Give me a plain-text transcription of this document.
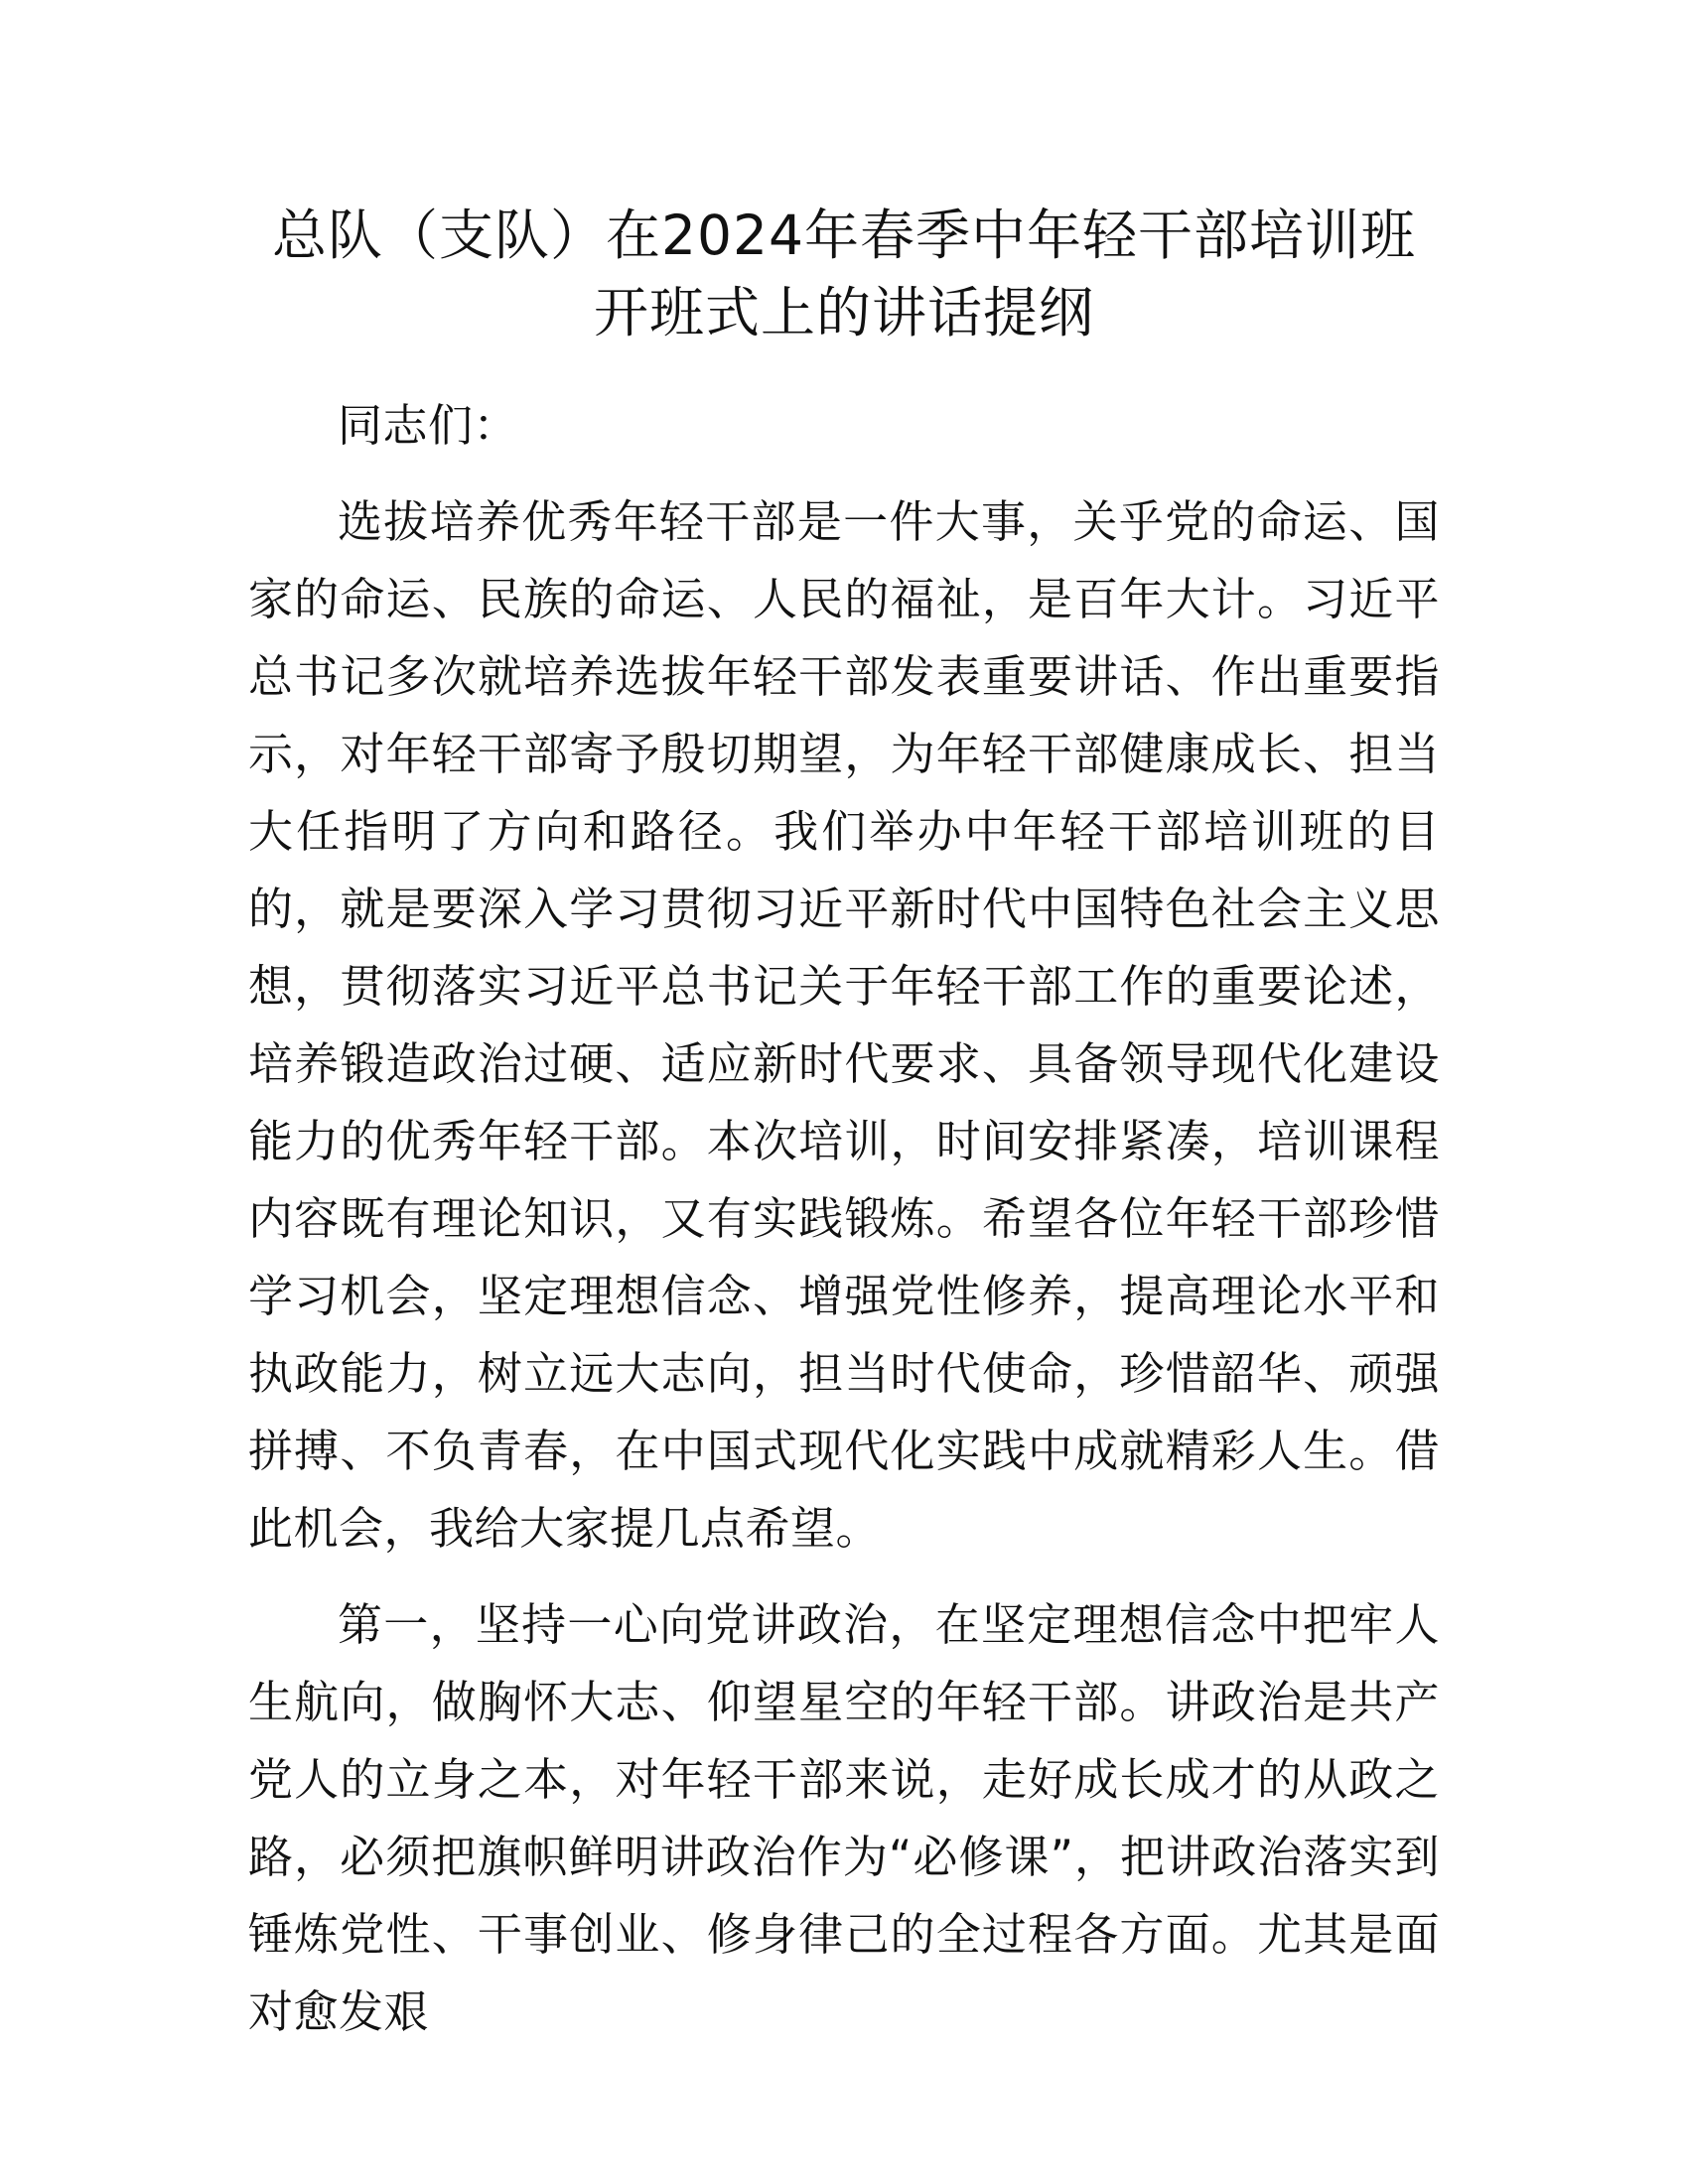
总队（支队）在2024年春季中年轻干部培训班
开班式上的讲话提纲

同志们：

选拔培养优秀年轻干部是一件大事，关乎党的命运、国家的命运、民族的命运、人民的福祉，是百年大计。习近平总书记多次就培养选拔年轻干部发表重要讲话、作出重要指示，对年轻干部寄予殷切期望，为年轻干部健康成长、担当大任指明了方向和路径。我们举办中年轻干部培训班的目的，就是要深入学习贯彻习近平新时代中国特色社会主义思想，贯彻落实习近平总书记关于年轻干部工作的重要论述，培养锻造政治过硬、适应新时代要求、具备领导现代化建设能力的优秀年轻干部。本次培训，时间安排紧凑，培训课程内容既有理论知识，又有实践锻炼。希望各位年轻干部珍惜学习机会，坚定理想信念、增强党性修养，提高理论水平和执政能力，树立远大志向，担当时代使命，珍惜韶华、顽强拼搏、不负青春，在中国式现代化实践中成就精彩人生。借此机会，我给大家提几点希望。

第一，坚持一心向党讲政治，在坚定理想信念中把牢人生航向，做胸怀大志、仰望星空的年轻干部。讲政治是共产党人的立身之本，对年轻干部来说，走好成长成才的从政之路，必须把旗帜鲜明讲政治作为“必修课”，把讲政治落实到锤炼党性、干事创业、修身律己的全过程各方面。尤其是面对愈发艰
